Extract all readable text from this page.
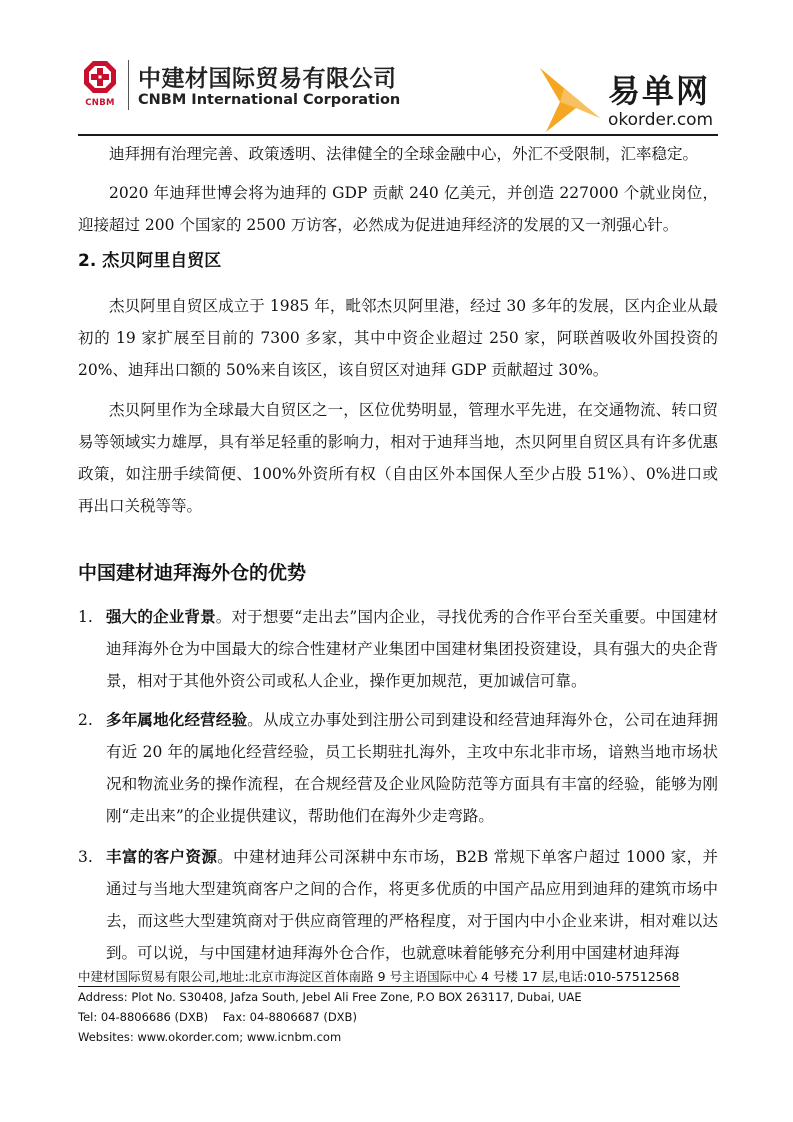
CNBM
中建材国际贸易有限公司
CNBM International Corporation	易单网
okorder.com

迪拜拥有治理完善、政策透明、法律健全的全球金融中心，外汇不受限制，汇率稳定。

2020 年迪拜世博会将为迪拜的 GDP 贡献 240 亿美元，并创造 227000 个就业岗位，迎接超过 200 个国家的 2500 万访客，必然成为促进迪拜经济的发展的又一剂强心针。

2. 杰贝阿里自贸区

杰贝阿里自贸区成立于 1985 年，毗邻杰贝阿里港，经过 30 多年的发展，区内企业从最初的 19 家扩展至目前的 7300 多家，其中中资企业超过 250 家，阿联酋吸收外国投资的 20%、迪拜出口额的 50%来自该区，该自贸区对迪拜 GDP 贡献超过 30%。

杰贝阿里作为全球最大自贸区之一，区位优势明显，管理水平先进，在交通物流、转口贸易等领域实力雄厚，具有举足轻重的影响力，相对于迪拜当地，杰贝阿里自贸区具有许多优惠政策，如注册手续简便、100%外资所有权（自由区外本国保人至少占股 51%）、0%进口或再出口关税等等。

中国建材迪拜海外仓的优势
1. 强大的企业背景。对于想要“走出去”国内企业，寻找优秀的合作平台至关重要。中国建材迪拜海外仓为中国最大的综合性建材产业集团中国建材集团投资建设，具有强大的央企背景，相对于其他外资公司或私人企业，操作更加规范，更加诚信可靠。
2. 多年属地化经营经验。从成立办事处到注册公司到建设和经营迪拜海外仓，公司在迪拜拥有近 20 年的属地化经营经验，员工长期驻扎海外，主攻中东北非市场，谙熟当地市场状况和物流业务的操作流程，在合规经营及企业风险防范等方面具有丰富的经验，能够为刚刚“走出来”的企业提供建议，帮助他们在海外少走弯路。
3. 丰富的客户资源。中建材迪拜公司深耕中东市场，B2B 常规下单客户超过 1000 家，并通过与当地大型建筑商客户之间的合作，将更多优质的中国产品应用到迪拜的建筑市场中去，而这些大型建筑商对于供应商管理的严格程度，对于国内中小企业来讲，相对难以达到。可以说，与中国建材迪拜海外仓合作，也就意味着能够充分利用中国建材迪拜海
中建材国际贸易有限公司,地址:北京市海淀区首体南路 9 号主语国际中心 4 号楼 17 层,电话:010-57512568
Address: Plot No. S30408, Jafza South, Jebel Ali Free Zone, P.O BOX 263117, Dubai, UAE
Tel: 04-8806686 (DXB)    Fax: 04-8806687 (DXB)
Websites: www.okorder.com; www.icnbm.com
